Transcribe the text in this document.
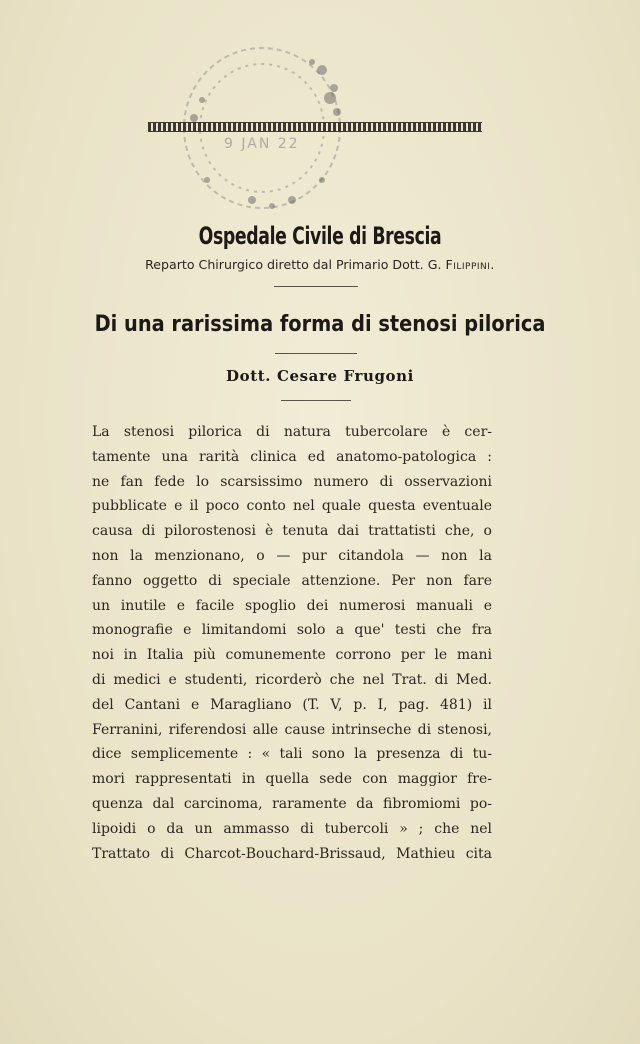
9 JAN 22
Ospedale Civile di Brescia
Reparto Chirurgico diretto dal Primario Dott. G. Filippini.
Di una rarissima forma di stenosi pilorica
Dott. Cesare Frugoni
La stenosi pilorica di natura tubercolare è cer-
tamente una rarità clinica ed anatomo-patologica :
ne fan fede lo scarsissimo numero di osservazioni
pubblicate e il poco conto nel quale questa eventuale
causa di pilorostenosi è tenuta dai trattatisti che, o
non la menzionano, o — pur citandola — non la
fanno oggetto di speciale attenzione. Per non fare
un inutile e facile spoglio dei numerosi manuali e
monografie e limitandomi solo a que' testi che fra
noi in Italia più comunemente corrono per le mani
di medici e studenti, ricorderò che nel Trat. di Med.
del Cantani e Maragliano (T. V, p. I, pag. 481) il
Ferranini, riferendosi alle cause intrinseche di stenosi,
dice semplicemente : « tali sono la presenza di tu-
mori rappresentati in quella sede con maggior fre-
quenza dal carcinoma, raramente da fibromiomi po-
lipoidi o da un ammasso di tubercoli » ; che nel
Trattato di Charcot-Bouchard-Brissaud, Mathieu cita
